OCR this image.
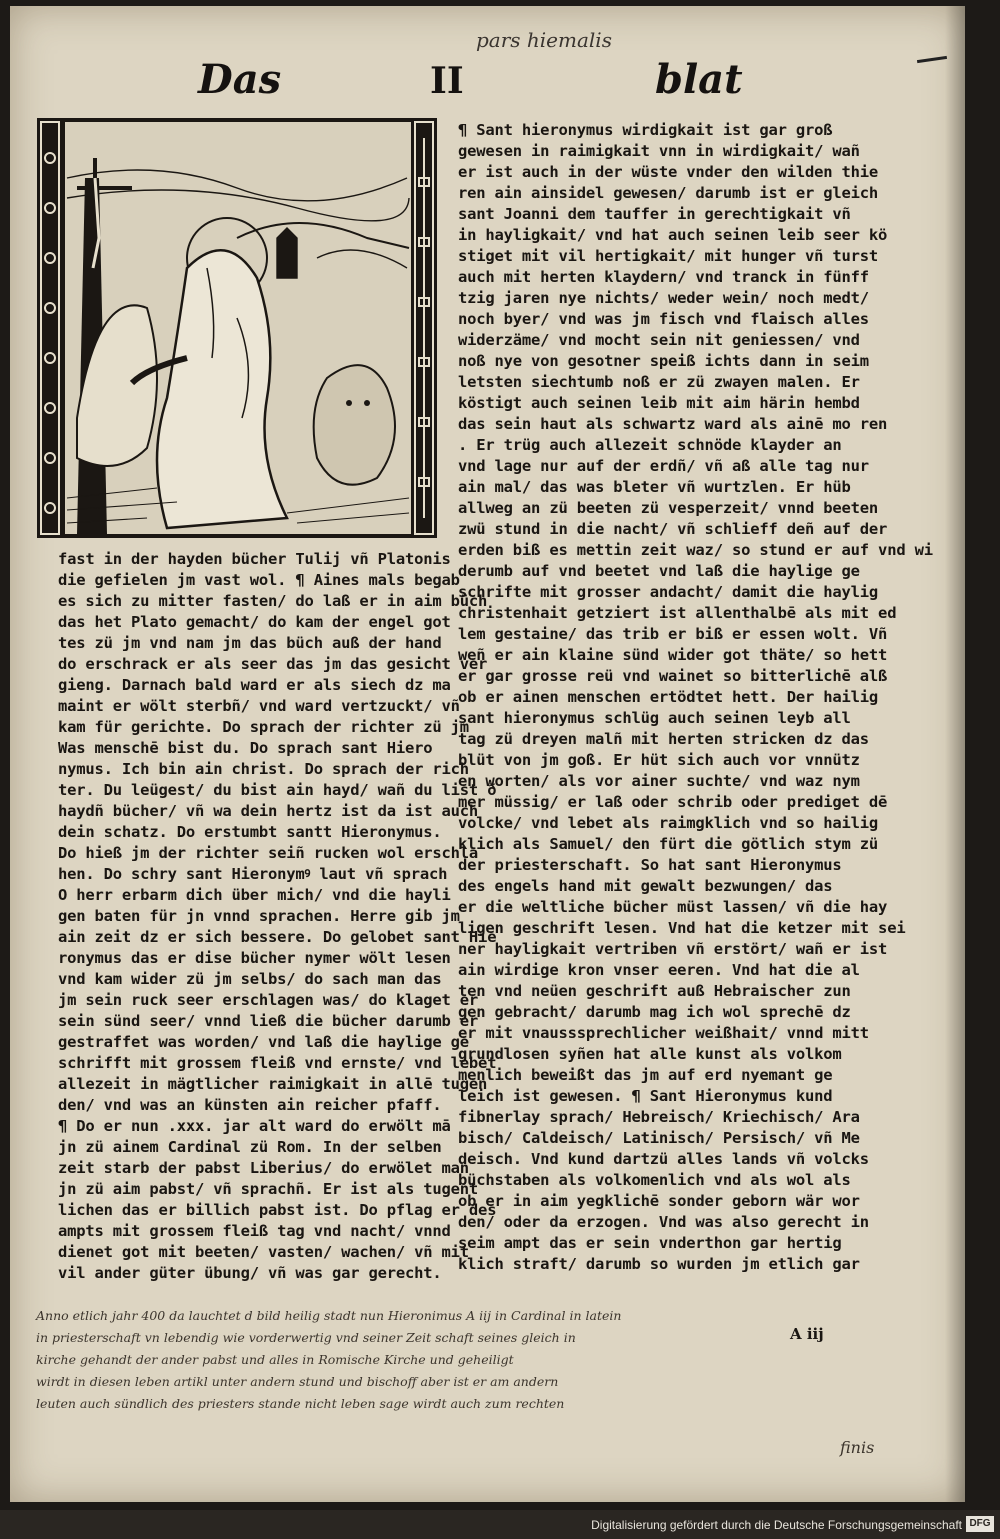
pars hiemalis
Das	II	blat
¶ Sant hieronymus wirdigkait ist gar groß
gewesen in raimigkait vnn in wirdigkait/ wañ
er ist auch in der wüste vnder den wilden thie
ren ain ainsidel gewesen/ darumb ist er gleich
sant Joanni dem tauffer in gerechtigkait vñ
in hayligkait/ vnd hat auch seinen leib seer kö
stiget mit vil hertigkait/ mit hunger vñ turst
auch mit herten klaydern/ vnd tranck in fünff
tzig jaren nye nichts/ weder wein/ noch medt/
noch byer/ vnd was jm fisch vnd flaisch alles
widerzäme/ vnd mocht sein nit geniessen/ vnd
noß nye von gesotner speiß ichts dann in seim
letsten siechtumb noß er zü zwayen malen. Er
köstigt auch seinen leib mit aim härin hembd
das sein haut als schwartz ward als ainē mo ren
. Er trüg auch allezeit schnöde klayder an
vnd lage nur auf der erdñ/ vñ aß alle tag nur
ain mal/ das was bleter vñ wurtzlen. Er hüb
allweg an zü beeten zü vesperzeit/ vnnd beeten
zwü stund in die nacht/ vñ schlieff deñ auf der
erden biß es mettin zeit waz/ so stund er auf vnd wi
derumb auf vnd beetet vnd laß die haylige ge
schrifte mit grosser andacht/ damit die haylig
christenhait getziert ist allenthalbē als mit ed
lem gestaine/ das trib er biß er essen wolt. Vñ
weñ er ain klaine sünd wider got thäte/ so hett
er gar grosse reü vnd wainet so bitterlichē alß
ob er ainen menschen ertödtet hett. Der hailig
sant hieronymus schlüg auch seinen leyb all
tag zü dreyen malñ mit herten stricken dz das
blüt von jm goß. Er hüt sich auch vor vnnütz
en worten/ als vor ainer suchte/ vnd waz nym
mer müssig/ er laß oder schrib oder prediget dē
volcke/ vnd lebet als raimgklich vnd so hailig
klich als Samuel/ den fürt die götlich stym zü
der priesterschaft. So hat sant Hieronymus
des engels hand mit gewalt bezwungen/ das
er die weltliche bücher müst lassen/ vñ die hay
ligen geschrift lesen. Vnd hat die ketzer mit sei
ner hayligkait vertriben vñ erstört/ wañ er ist
ain wirdige kron vnser eeren. Vnd hat die al
ten vnd neüen geschrift auß Hebraischer zun
gen gebracht/ darumb mag ich wol sprechē dz
er mit vnausssprechlicher weißhait/ vnnd mitt
grundlosen syñen hat alle kunst als volkom
menlich beweißt das jm auf erd nyemant ge
leich ist gewesen. ¶ Sant Hieronymus kund
fibnerlay sprach/ Hebreisch/ Kriechisch/ Ara
bisch/ Caldeisch/ Latinisch/ Persisch/ vñ Me
deisch. Vnd kund dartzü alles lands vñ volcks
büchstaben als volkomenlich vnd als wol als
ob er in aim yegklichē sonder geborn wär wor
den/ oder da erzogen. Vnd was also gerecht in
seim ampt das er sein vnderthon gar hertig
klich straft/ darumb so wurden jm etlich gar
fast in der hayden bücher Tulij vñ Platonis
die gefielen jm vast wol. ¶ Aines mals begab
es sich zu mitter fasten/ do laß er in aim büch
das het Plato gemacht/ do kam der engel got
tes zü jm vnd nam jm das büch auß der hand
do erschrack er als seer das jm das gesicht ver
gieng. Darnach bald ward er als siech dz ma
maint er wölt sterbñ/ vnd ward vertzuckt/ vñ
kam für gerichte. Do sprach der richter zü jm
Was menschē bist du. Do sprach sant Hiero
nymus. Ich bin ain christ. Do sprach der rich
ter. Du leügest/ du bist ain hayd/ wañ du list ð
haydñ bücher/ vñ wa dein hertz ist da ist auch
dein schatz. Do erstumbt santt Hieronymus.
Do hieß jm der richter seiñ rucken wol erschla
hen. Do schry sant Hieronymꝰ laut vñ sprach
O herr erbarm dich über mich/ vnd die hayli
gen baten für jn vnnd sprachen. Herre gib jm
ain zeit dz er sich bessere. Do gelobet sant Hie
ronymus das er dise bücher nymer wölt lesen
vnd kam wider zü jm selbs/ do sach man das
jm sein ruck seer erschlagen was/ do klaget er
sein sünd seer/ vnnd ließ die bücher darumb er
gestraffet was worden/ vnd laß die haylige ge
schrifft mit grossem fleiß vnd ernste/ vnd lebet
allezeit in mägtlicher raimigkait in allē tugen
den/ vnd was an künsten ain reicher pfaff.
¶ Do er nun .xxx. jar alt ward do erwölt mā
jn zü ainem Cardinal zü Rom. In der selben
zeit starb der pabst Liberius/ do erwölet man
jn zü aim pabst/ vñ sprachñ. Er ist als tugent
lichen das er billich pabst ist. Do pflag er des
ampts mit grossem fleiß tag vnd nacht/ vnnd
dienet got mit beeten/ vasten/ wachen/ vñ mit
vil ander güter übung/ vñ was gar gerecht.
Anno etlich jahr 400 da lauchtet d bild heilig stadt nun Hieronimus A iij in Cardinal in latein
in priesterschaft vn lebendig wie vorderwertig vnd seiner Zeit schaft seines gleich in
kirche gehandt der ander pabst und alles in Romische Kirche und geheiligt
wirdt in diesen leben artikl unter andern stund und bischoff aber ist er am andern
leuten auch sündlich des priesters stande nicht leben sage wirdt auch zum rechten
finis
A iij
Digitalisierung gefördert durch die Deutsche Forschungsgemeinschaft DFG
